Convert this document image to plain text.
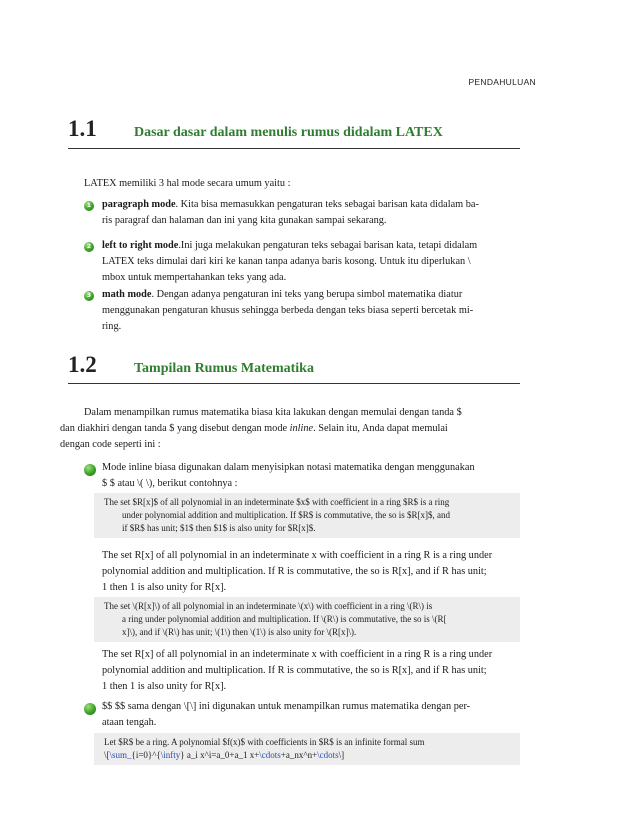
PENDAHULUAN
1.1	Dasar dasar dalam menulis rumus didalam LATEX
LATEX memiliki 3 hal mode secara umum yaitu :
1 paragraph mode. Kita bisa memasukkan pengaturan teks sebagai barisan kata didalam ba-
ris paragraf dan halaman dan ini yang kita gunakan sampai sekarang.
2 left to right mode.Ini juga melakukan pengaturan teks sebagai barisan kata, tetapi didalam
LATEX teks dimulai dari kiri ke kanan tanpa adanya baris kosong. Untuk itu diperlukan \
mbox untuk mempertahankan teks yang ada.
3 math mode. Dengan adanya pengaturan ini teks yang berupa simbol matematika diatur
menggunakan pengaturan khusus sehingga berbeda dengan teks biasa seperti bercetak mi-
ring.
1.2	Tampilan Rumus Matematika
Dalam menampilkan rumus matematika biasa kita lakukan dengan memulai dengan tanda $
dan diakhiri dengan tanda $ yang disebut dengan mode inline. Selain itu, Anda dapat memulai
dengan code seperti ini :
Mode inline biasa digunakan dalam menyisipkan notasi matematika dengan menggunakan
$ $ atau \( \), berikut contohnya :
The set $R[x]$ of all polynomial in an indeterminate $x$ with coefficient in a ring $R$ is a ring
under polynomial addition and multiplication. If $R$ is commutative, the so is $R[x]$, and
if $R$ has unit; $1$ then $1$ is also unity for $R[x]$.
The set R[x] of all polynomial in an indeterminate x with coefficient in a ring R is a ring under
polynomial addition and multiplication. If R is commutative, the so is R[x], and if R has unit;
1 then 1 is also unity for R[x].
The set \(R[x]\) of all polynomial in an indeterminate \(x\) with coefficient in a ring \(R\) is
a ring under polynomial addition and multiplication. If \(R\) is commutative, the so is \(R[
x]\), and if \(R\) has unit; \(1\) then \(1\) is also unity for \(R[x]\).
The set R[x] of all polynomial in an indeterminate x with coefficient in a ring R is a ring under
polynomial addition and multiplication. If R is commutative, the so is R[x], and if R has unit;
1 then 1 is also unity for R[x].
$$ $$ sama dengan \[\] ini digunakan untuk menampilkan rumus matematika dengan per-
ataan tengah.
Let $R$ be a ring. A polynomial $f(x)$ with coefficients in $R$ is an infinite formal sum
\[\sum_{i=0}^{\infty} a_i x^i=a_0+a_1 x+\cdots+a_nx^n+\cdots\]
